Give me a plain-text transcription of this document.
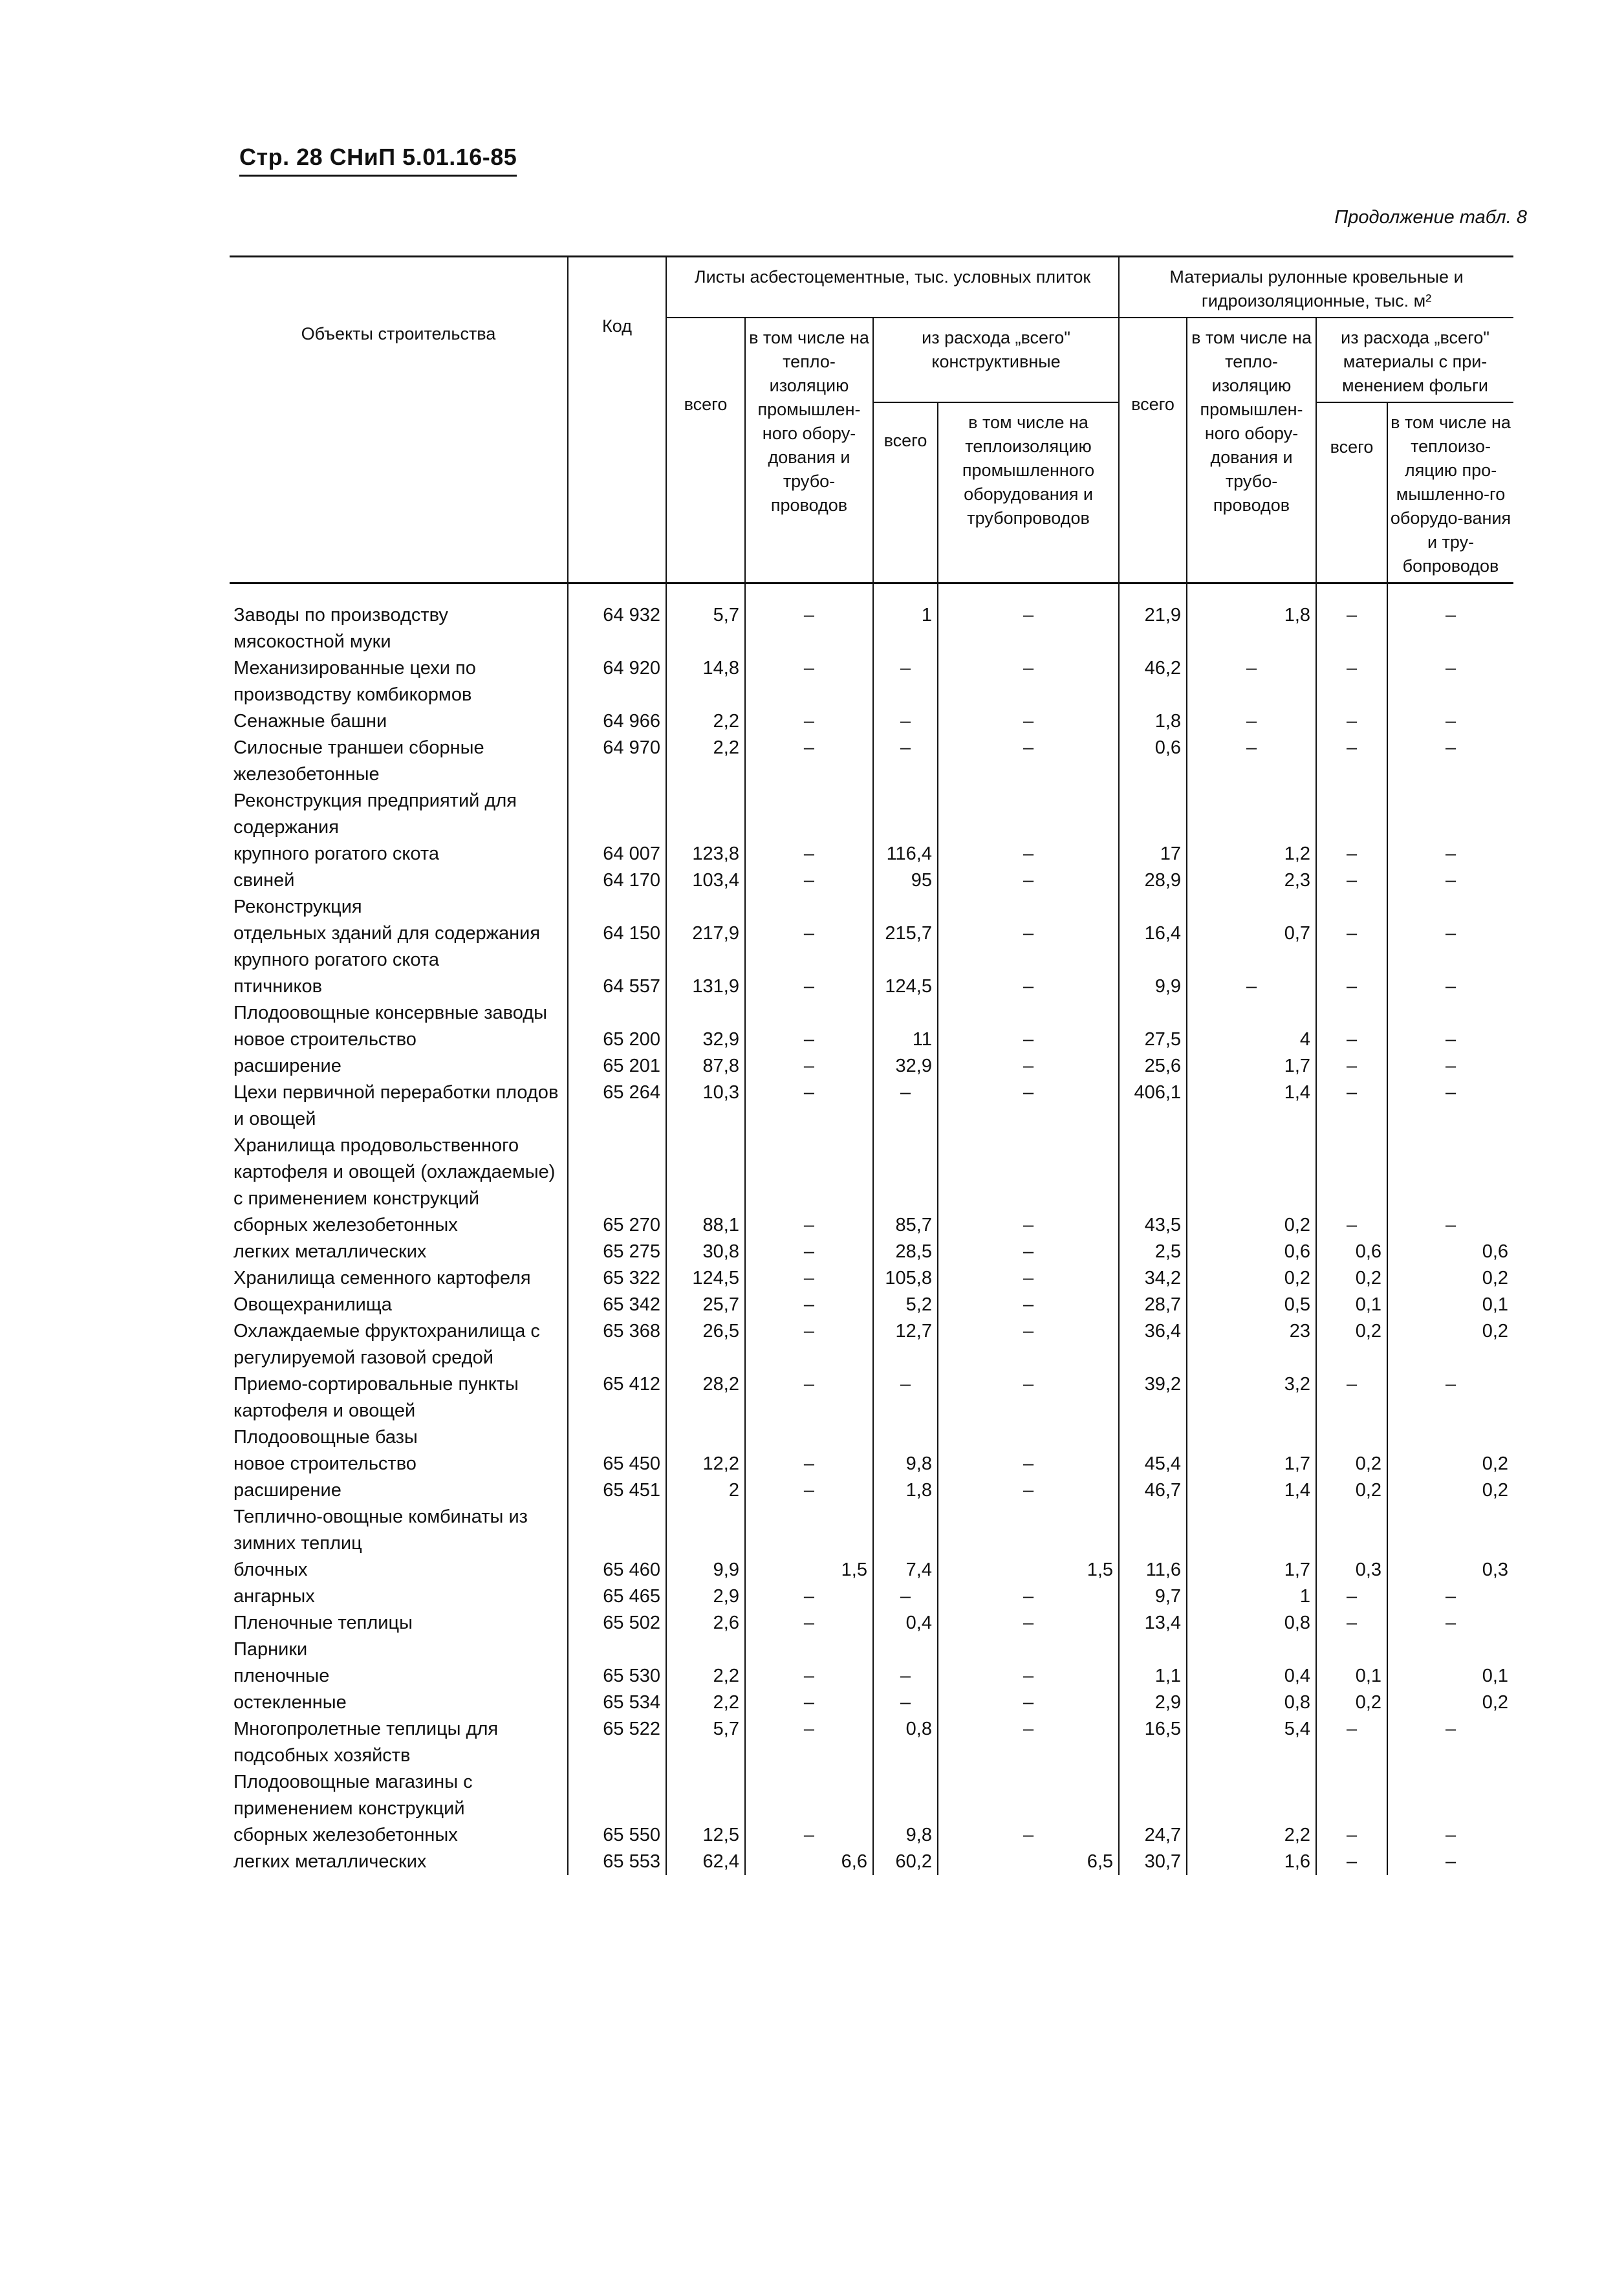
Стр. 28 СНиП 5.01.16-85
Продолжение табл. 8
Объекты строительства	Код	Листы асбестоцементные, тыс. условных плиток				Материалы рулонные кровельные и гидроизоляционные, тыс. м²			
		всего	в том числе на тепло-изоляцию промышлен-ного обору-дования и трубо-проводов	из расхода „всего" конструктивные		всего	в том числе на тепло-изоляцию промышлен-ного обору-дования и трубо-проводов	из расхода „всего" материалы с при-менением фольги	
				всего	в том числе на теплоизоляцию промышленного оборудования и трубопроводов				
								всего	в том числе на теплоизо-ляцию про-мышленно-го оборудо-вания и тру-бопроводов

Заводы по производству мясокостной муки	64 932	5,7	–	1	–	21,9	1,8	–	–
Механизированные цехи по производству комбикормов	64 920	14,8	–	–	–	46,2	–	–	–
Сенажные башни	64 966	2,2	–	–	–	1,8	–	–	–
Силосные траншеи сборные железобетонные	64 970	2,2	–	–	–	0,6	–	–	–
Реконструкция предприятий для содержания									
крупного рогатого скота	64 007	123,8	–	116,4	–	17	1,2	–	–
свиней	64 170	103,4	–	95	–	28,9	2,3	–	–
Реконструкция									
отдельных зданий для содержания крупного рогатого скота	64 150	217,9	–	215,7	–	16,4	0,7	–	–
птичников	64 557	131,9	–	124,5	–	9,9	–	–	–
Плодоовощные консервные заводы									
новое строительство	65 200	32,9	–	11	–	27,5	4	–	–
расширение	65 201	87,8	–	32,9	–	25,6	1,7	–	–
Цехи первичной переработки плодов и овощей	65 264	10,3	–	–	–	406,1	1,4	–	–
Хранилища продовольственного картофеля и овощей (охлаждаемые) с применением конструкций									
сборных железобетонных	65 270	88,1	–	85,7	–	43,5	0,2	–	–
легких металлических	65 275	30,8	–	28,5	–	2,5	0,6	0,6	0,6
Хранилища семенного картофеля	65 322	124,5	–	105,8	–	34,2	0,2	0,2	0,2
Овощехранилища	65 342	25,7	–	5,2	–	28,7	0,5	0,1	0,1
Охлаждаемые фруктохранилища с регулируемой газовой средой	65 368	26,5	–	12,7	–	36,4	23	0,2	0,2
Приемо-сортировальные пункты картофеля и овощей	65 412	28,2	–	–	–	39,2	3,2	–	–
Плодоовощные базы									
новое строительство	65 450	12,2	–	9,8	–	45,4	1,7	0,2	0,2
расширение	65 451	2	–	1,8	–	46,7	1,4	0,2	0,2
Теплично-овощные комбинаты из зимних теплиц									
блочных	65 460	9,9	1,5	7,4	1,5	11,6	1,7	0,3	0,3
ангарных	65 465	2,9	–	–	–	9,7	1	–	–
Пленочные теплицы	65 502	2,6	–	0,4	–	13,4	0,8	–	–
Парники									
пленочные	65 530	2,2	–	–	–	1,1	0,4	0,1	0,1
остекленные	65 534	2,2	–	–	–	2,9	0,8	0,2	0,2
Многопролетные теплицы для подсобных хозяйств	65 522	5,7	–	0,8	–	16,5	5,4	–	–
Плодоовощные магазины с применением конструкций									
сборных железобетонных	65 550	12,5	–	9,8	–	24,7	2,2	–	–
легких металлических	65 553	62,4	6,6	60,2	6,5	30,7	1,6	–	–
